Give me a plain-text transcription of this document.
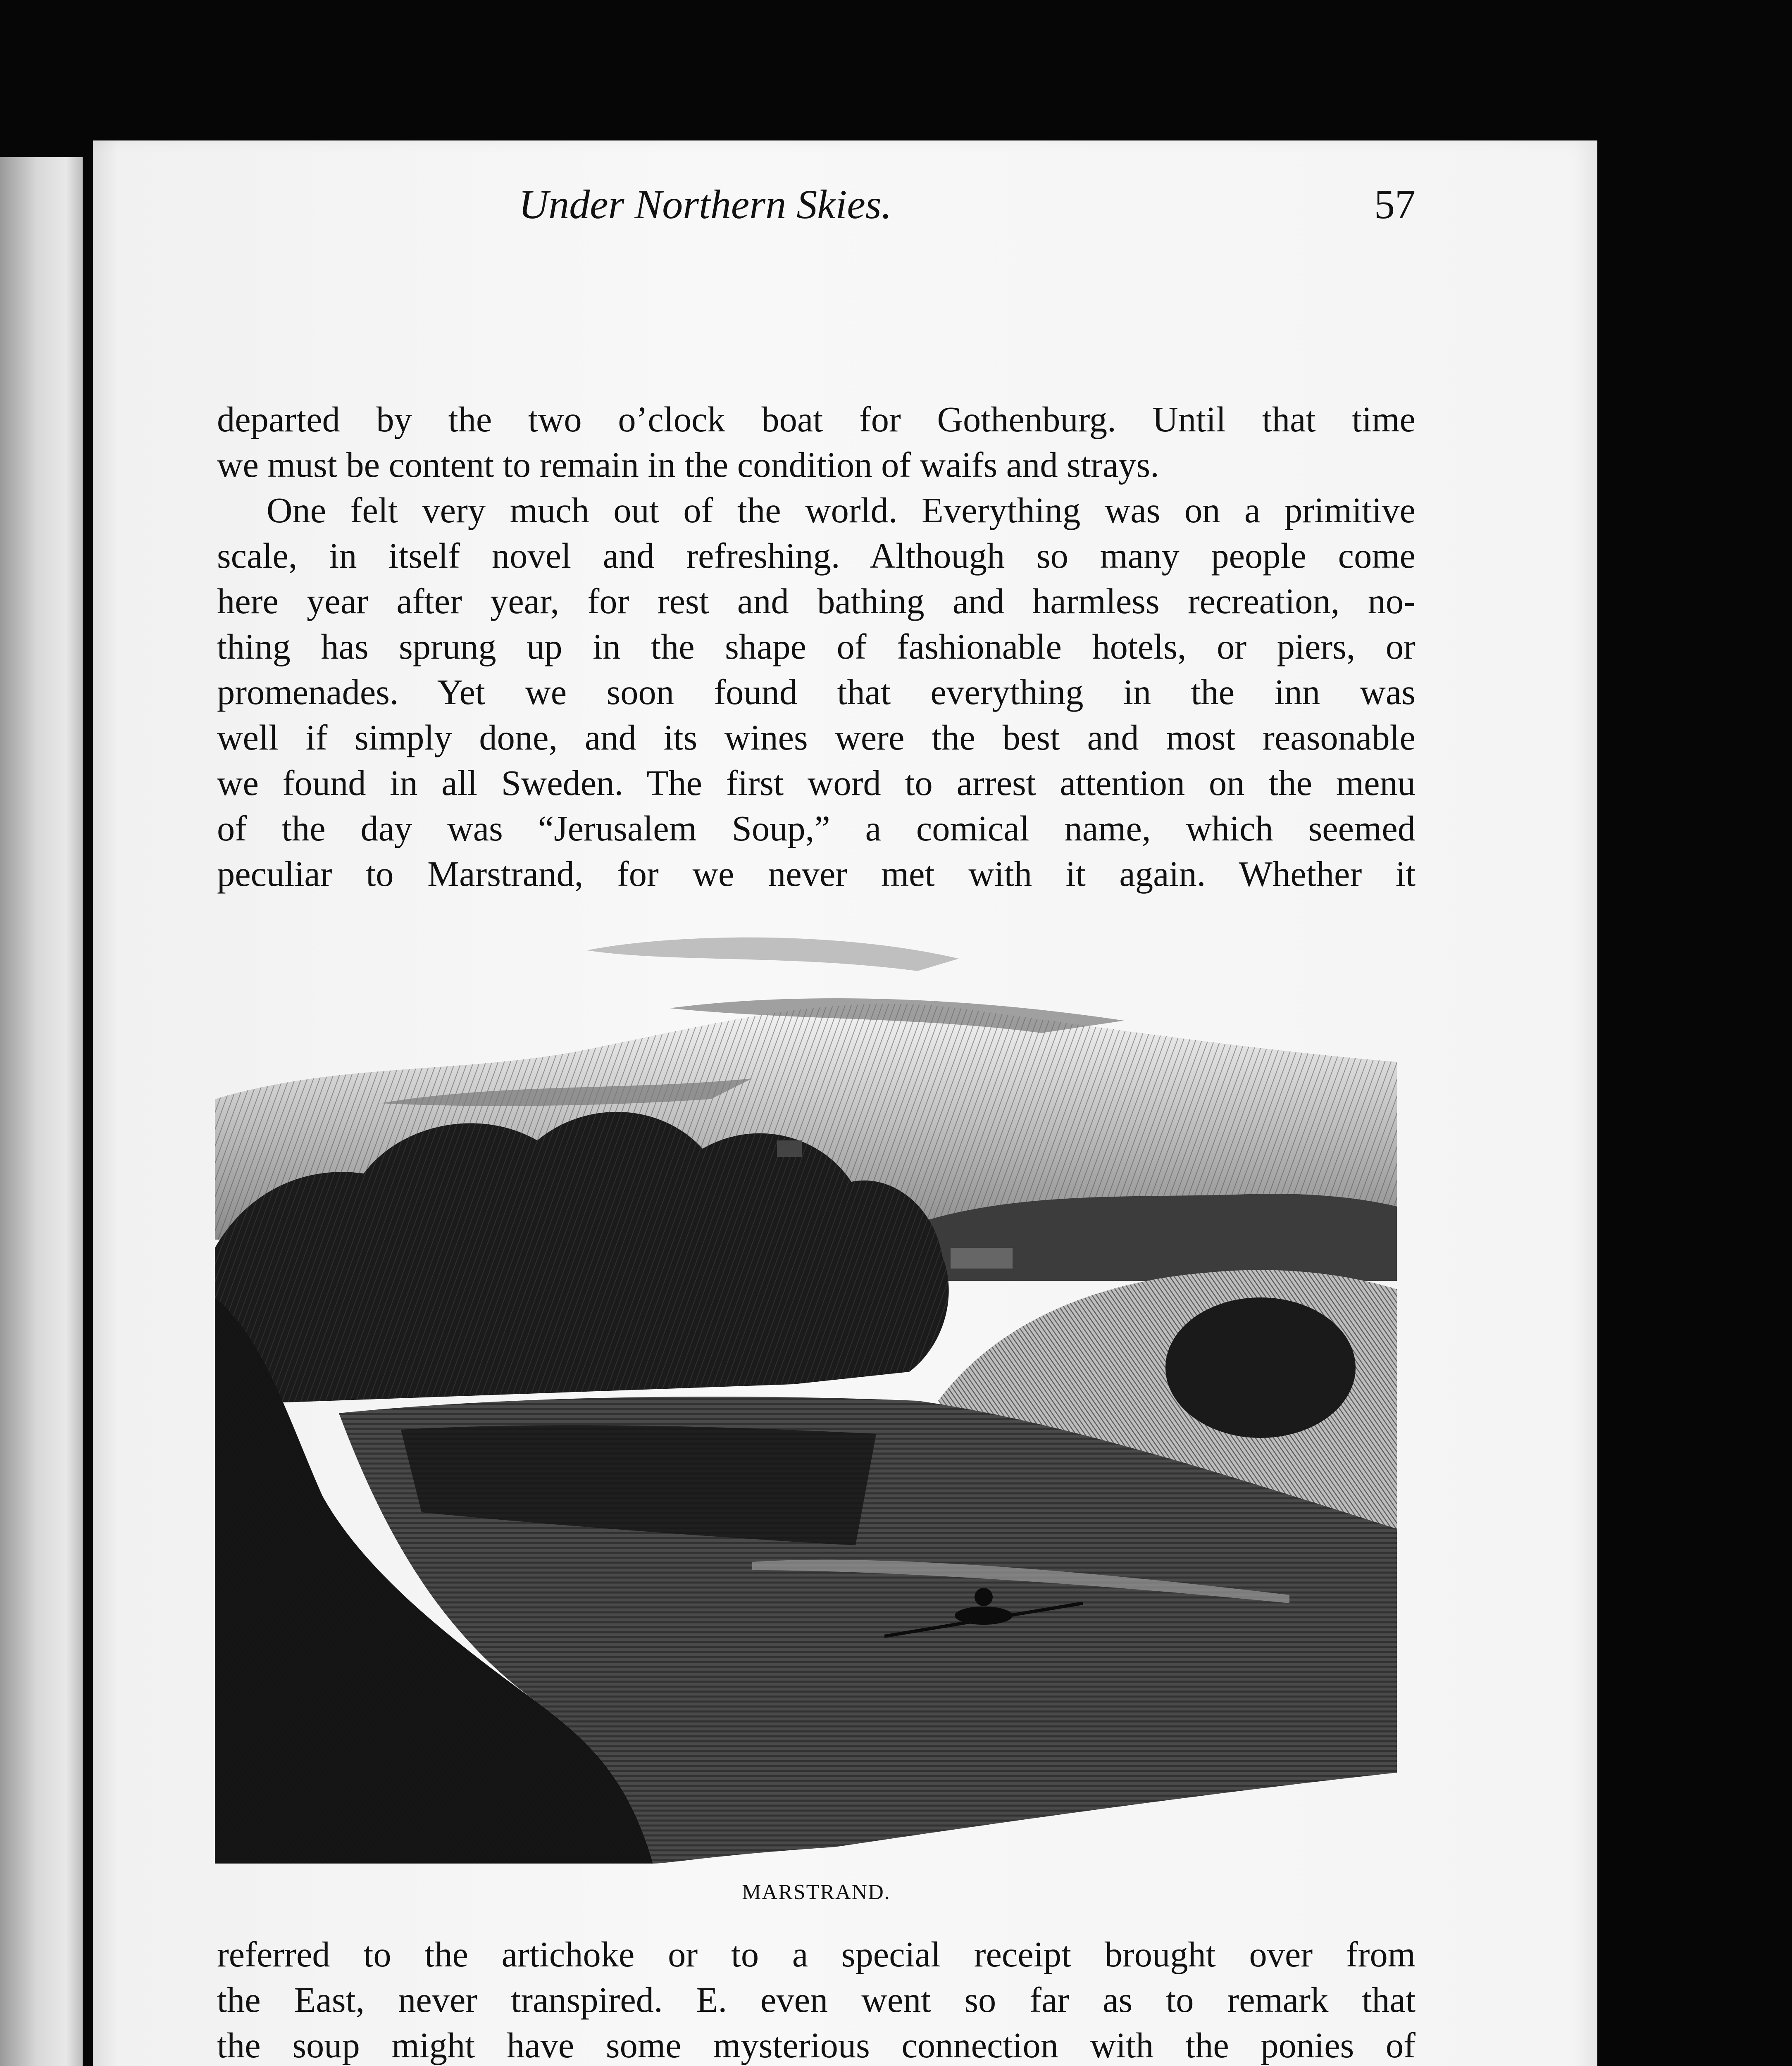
Under Northern Skies.	57
departed by the two o’clock boat for Gothenburg. Until that time
we must be content to remain in the condition of waifs and strays.
One felt very much out of the world. Everything was on a primitive
scale, in itself novel and refreshing. Although so many people come
here year after year, for rest and bathing and harmless recreation, no-
thing has sprung up in the shape of fashionable hotels, or piers, or
promenades. Yet we soon found that everything in the inn was
well if simply done, and its wines were the best and most reasonable
we found in all Sweden. The first word to arrest attention on the menu
of the day was “Jerusalem Soup,” a comical name, which seemed
peculiar to Marstrand, for we never met with it again. Whether it
MARSTRAND.
referred to the artichoke or to a special receipt brought over from
the East, never transpired. E. even went so far as to remark that
the soup might have some mysterious connection with the ponies of
